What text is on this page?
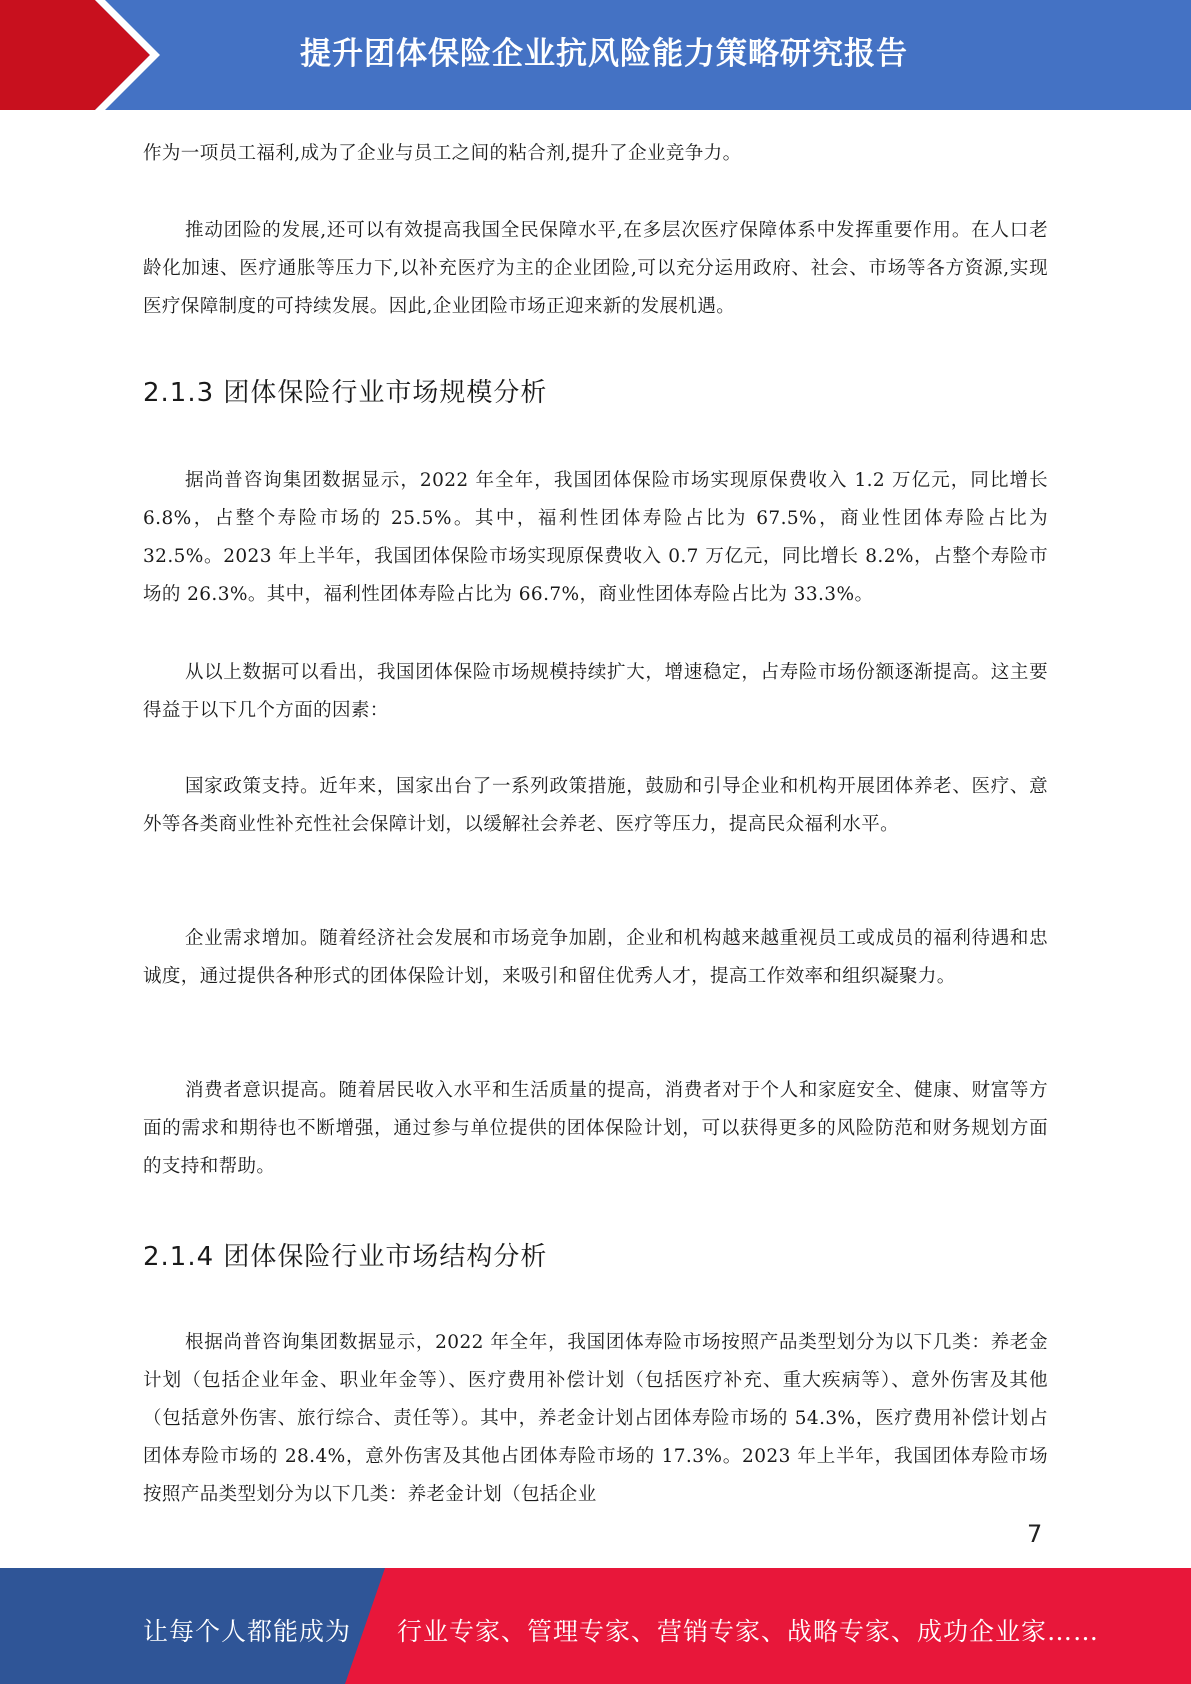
提升团体保险企业抗风险能力策略研究报告

作为一项员工福利,成为了企业与员工之间的粘合剂,提升了企业竞争力。

推动团险的发展,还可以有效提高我国全民保障水平,在多层次医疗保障体系中发挥重要作用。在人口老龄化加速、医疗通胀等压力下,以补充医疗为主的企业团险,可以充分运用政府、社会、市场等各方资源,实现医疗保障制度的可持续发展。因此,企业团险市场正迎来新的发展机遇。

2.1.3 团体保险行业市场规模分析

据尚普咨询集团数据显示，2022 年全年，我国团体保险市场实现原保费收入 1.2 万亿元，同比增长 6.8%，占整个寿险市场的 25.5%。其中，福利性团体寿险占比为 67.5%，商业性团体寿险占比为 32.5%。2023 年上半年，我国团体保险市场实现原保费收入 0.7 万亿元，同比增长 8.2%，占整个寿险市场的 26.3%。其中，福利性团体寿险占比为 66.7%，商业性团体寿险占比为 33.3%。

从以上数据可以看出，我国团体保险市场规模持续扩大，增速稳定，占寿险市场份额逐渐提高。这主要得益于以下几个方面的因素：

国家政策支持。近年来，国家出台了一系列政策措施，鼓励和引导企业和机构开展团体养老、医疗、意外等各类商业性补充性社会保障计划，以缓解社会养老、医疗等压力，提高民众福利水平。

企业需求增加。随着经济社会发展和市场竞争加剧，企业和机构越来越重视员工或成员的福利待遇和忠诚度，通过提供各种形式的团体保险计划，来吸引和留住优秀人才，提高工作效率和组织凝聚力。

消费者意识提高。随着居民收入水平和生活质量的提高，消费者对于个人和家庭安全、健康、财富等方面的需求和期待也不断增强，通过参与单位提供的团体保险计划，可以获得更多的风险防范和财务规划方面的支持和帮助。

2.1.4 团体保险行业市场结构分析

根据尚普咨询集团数据显示，2022 年全年，我国团体寿险市场按照产品类型划分为以下几类：养老金计划（包括企业年金、职业年金等）、医疗费用补偿计划（包括医疗补充、重大疾病等）、意外伤害及其他（包括意外伤害、旅行综合、责任等）。其中，养老金计划占团体寿险市场的 54.3%，医疗费用补偿计划占团体寿险市场的 28.4%，意外伤害及其他占团体寿险市场的 17.3%。2023 年上半年，我国团体寿险市场按照产品类型划分为以下几类：养老金计划（包括企业

7
让每个人都能成为 行业专家、管理专家、营销专家、战略专家、成功企业家……
